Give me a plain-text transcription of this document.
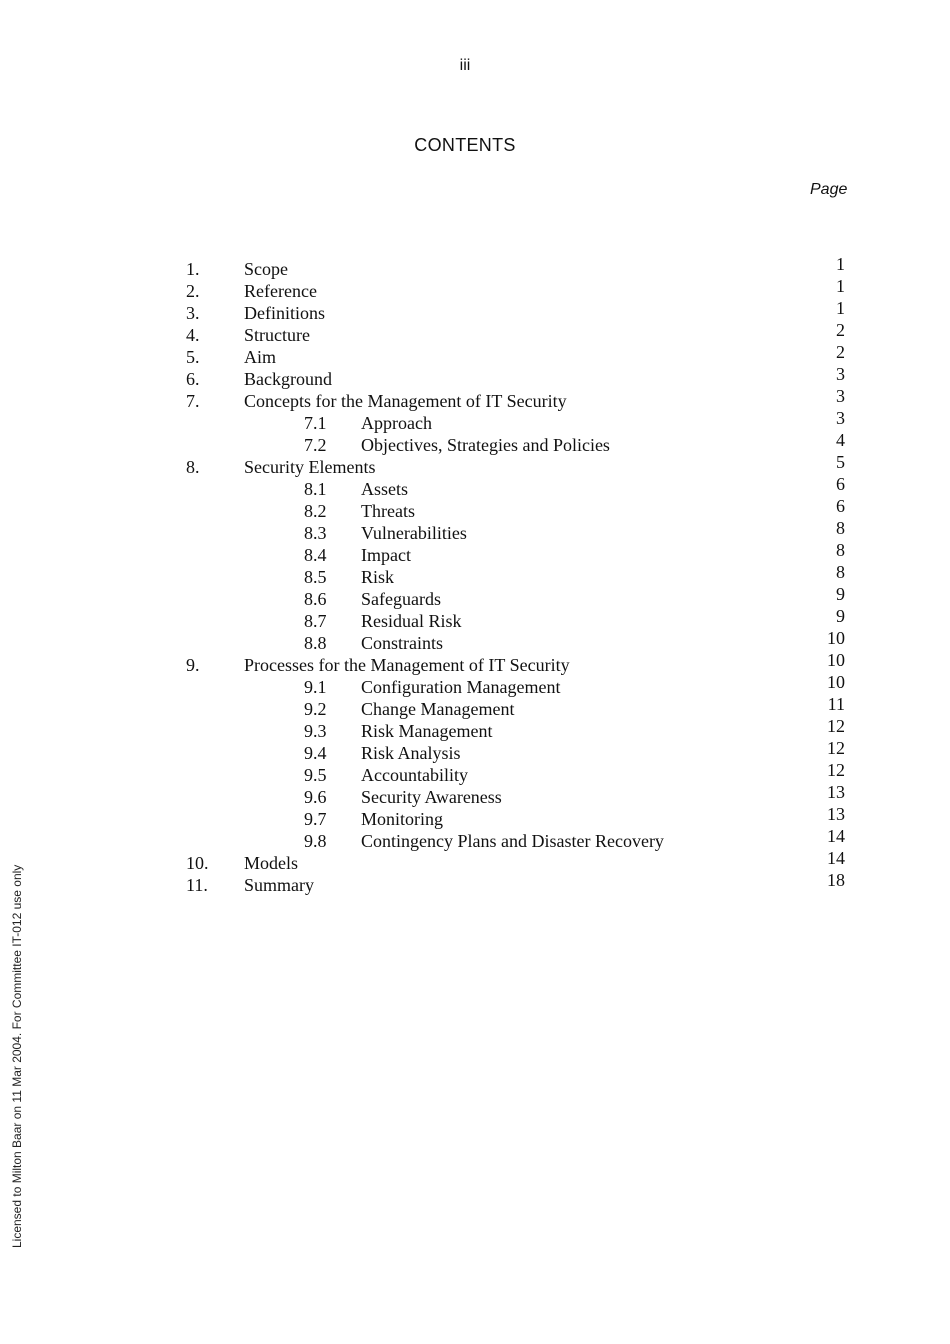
iii
CONTENTS
Page
1. Scope	1
2. Reference	1
3. Definitions	1
4. Structure	2
5. Aim	2
6. Background	3
7. Concepts for the Management of IT Security	3
7.1 Approach	3
7.2 Objectives, Strategies and Policies	4
8. Security Elements	5
8.1 Assets	6
8.2 Threats	6
8.3 Vulnerabilities	8
8.4 Impact	8
8.5 Risk	8
8.6 Safeguards	9
8.7 Residual Risk	9
8.8 Constraints	10
9. Processes for the Management of IT Security	10
9.1 Configuration Management	10
9.2 Change Management	11
9.3 Risk Management	12
9.4 Risk Analysis	12
9.5 Accountability	12
9.6 Security Awareness	13
9.7 Monitoring	13
9.8 Contingency Plans and Disaster Recovery	14
10. Models	14
11. Summary	18
Licensed to Milton Baar on 11 Mar 2004. For Committee IT-012 use only
